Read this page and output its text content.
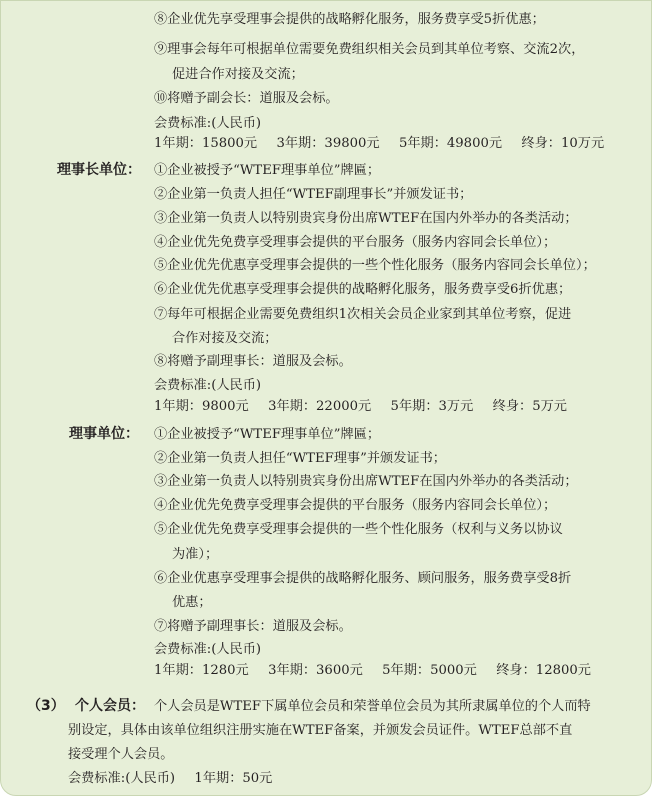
⑧企业优先享受理事会提供的战略孵化服务，服务费享受5折优惠；
⑨理事会每年可根据单位需要免费组织相关会员到其单位考察、交流2次，
促进合作对接及交流；
⑩将赠予副会长：道服及会标。
会费标准:(人民币)
1年期：15800元　 3年期：39800元　 5年期：49800元　 终身：10万元
理事长单位： ①企业被授予“WTEF理事单位”牌匾；
②企业第一负责人担任“WTEF副理事长”并颁发证书；
③企业第一负责人以特别贵宾身份出席WTEF在国内外举办的各类活动；
④企业优先免费享受理事会提供的平台服务（服务内容同会长单位）；
⑤企业优先优惠享受理事会提供的一些个性化服务（服务内容同会长单位）；
⑥企业优先优惠享受理事会提供的战略孵化服务，服务费享受6折优惠；
⑦每年可根据企业需要免费组织1次相关会员企业家到其单位考察，促进
合作对接及交流；
⑧将赠予副理事长：道服及会标。
会费标准:(人民币)
1年期：9800元　 3年期：22000元　 5年期：3万元　 终身：5万元
理事单位： ①企业被授予“WTEF理事单位”牌匾；
②企业第一负责人担任“WTEF理事”并颁发证书；
③企业第一负责人以特别贵宾身份出席WTEF在国内外举办的各类活动；
④企业优先免费享受理事会提供的平台服务（服务内容同会长单位）；
⑤企业优先免费享受理事会提供的一些个性化服务（权利与义务以协议
为准）；
⑥企业优惠享受理事会提供的战略孵化服务、顾问服务，服务费享受8折
优惠；
⑦将赠予副理事长：道服及会标。
会费标准:(人民币)
1年期：1280元　 3年期：3600元　 5年期：5000元　 终身：12800元
（3） 个人会员： 个人会员是WTEF下属单位会员和荣誉单位会员为其所隶属单位的个人而特
别设定，具体由该单位组织注册实施在WTEF备案，并颁发会员证件。WTEF总部不直
接受理个人会员。
会费标准:(人民币)　 1年期：50元
